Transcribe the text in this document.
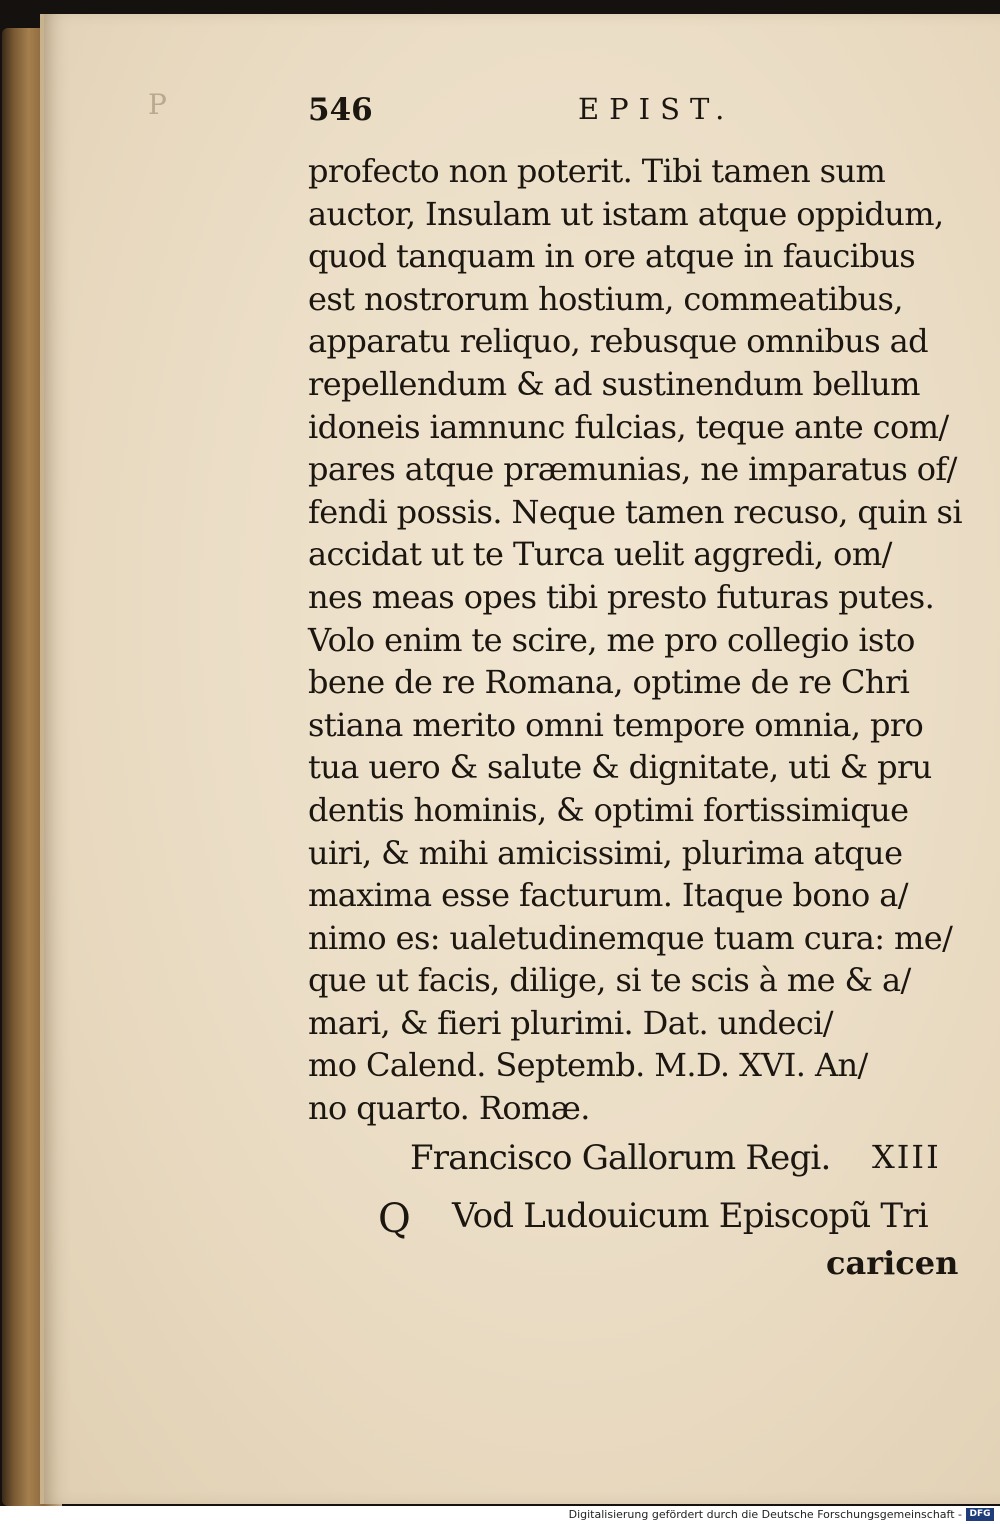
P	546	EPIST.
profecto non poterit. Tibi tamen sum
auctor, Insulam ut istam atque oppidum,
quod tanquam in ore atque in faucibus
est nostrorum hostium, commeatibus,
apparatu reliquo, rebusque omnibus ad
repellendum & ad sustinendum bellum
idoneis iamnunc fulcias, teque ante com/
pares atque præmunias, ne imparatus of/
fendi possis. Neque tamen recuso, quin si
accidat ut te Turca uelit aggredi, om/
nes meas opes tibi presto futuras putes.
Volo enim te scire, me pro collegio isto
bene de re Romana, optime de re Chri
stiana merito omni tempore omnia, pro
tua uero & salute & dignitate, uti & pru
dentis hominis, & optimi fortissimique
uiri, & mihi amicissimi, plurima atque
maxima esse facturum. Itaque bono a/
nimo es: ualetudinemque tuam cura: me/
que ut facis, dilige, si te scis à me & a/
mari, & fieri plurimi. Dat. undeci/
mo Calend. Septemb. M.D. XVI. An/
no quarto. Romæ.
Francisco Gallorum Regi. XIII
Q Vod Ludouicum Episcopũ Tri
caricen
Digitalisierung gefördert durch die Deutsche Forschungsgemeinschaft - DFG
